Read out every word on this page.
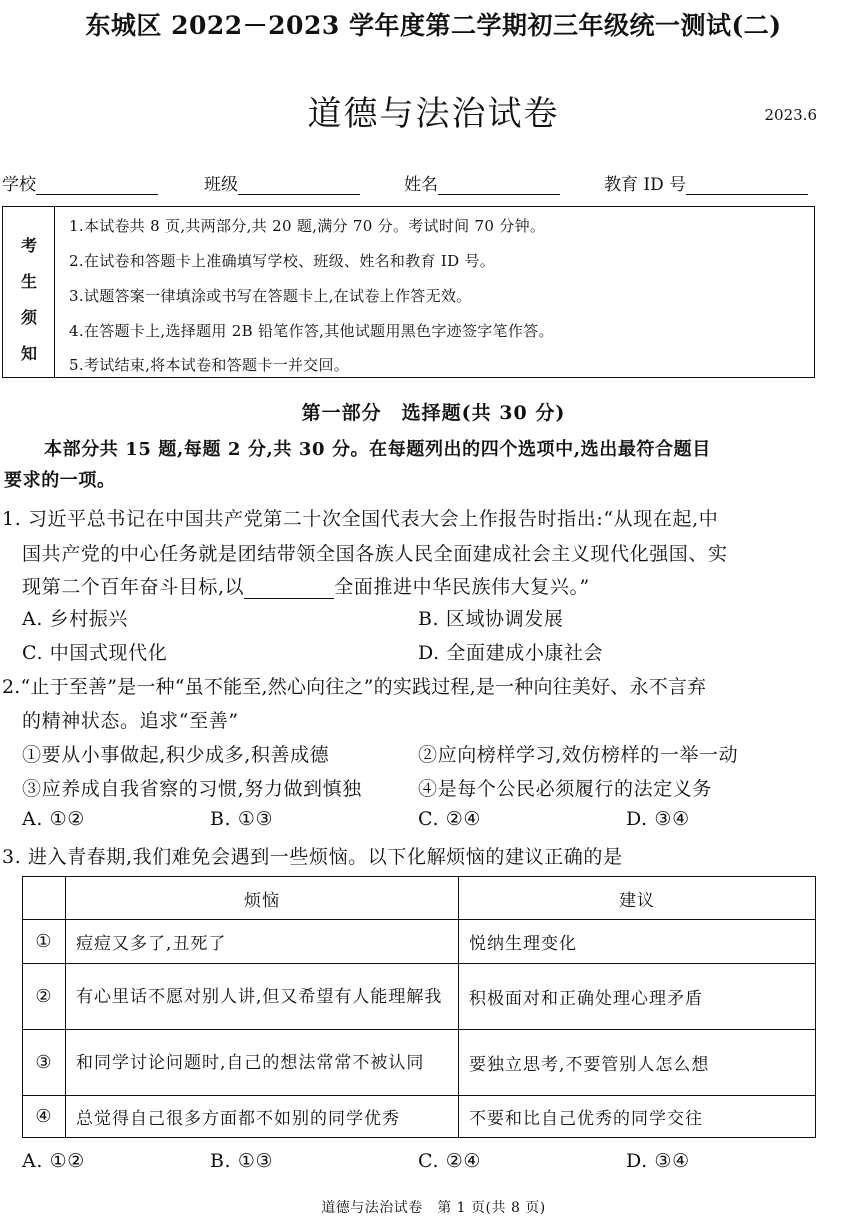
东城区 2022－2023 学年度第二学期初三年级统一测试(二)
道德与法治试卷	2023.6
学校	班级	姓名	教育 ID 号
考
生
须
知
1.本试卷共 8 页,共两部分,共 20 题,满分 70 分。考试时间 70 分钟。
2.在试卷和答题卡上准确填写学校、班级、姓名和教育 ID 号。
3.试题答案一律填涂或书写在答题卡上,在试卷上作答无效。
4.在答题卡上,选择题用 2B 铅笔作答,其他试题用黑色字迹签字笔作答。
5.考试结束,将本试卷和答题卡一并交回。
第一部分　选择题(共 30 分)
本部分共 15 题,每题 2 分,共 30 分。在每题列出的四个选项中,选出最符合题目
要求的一项。
1. 习近平总书记在中国共产党第二十次全国代表大会上作报告时指出:“从现在起,中
国共产党的中心任务就是团结带领全国各族人民全面建成社会主义现代化强国、实
现第二个百年奋斗目标,以	全面推进中华民族伟大复兴。”
A. 乡村振兴	B. 区域协调发展
C. 中国式现代化	D. 全面建成小康社会
2.“止于至善”是一种“虽不能至,然心向往之”的实践过程,是一种向往美好、永不言弃
的精神状态。追求“至善”
①要从小事做起,积少成多,积善成德	②应向榜样学习,效仿榜样的一举一动
③应养成自我省察的习惯,努力做到慎独	④是每个公民必须履行的法定义务
A. ①②	B. ①③	C. ②④	D. ③④
3. 进入青春期,我们难免会遇到一些烦恼。以下化解烦恼的建议正确的是
	烦恼	建议
①	痘痘又多了,丑死了	悦纳生理变化
②	有心里话不愿对别人讲,但又希望有人能理解我	积极面对和正确处理心理矛盾
③	和同学讨论问题时,自己的想法常常不被认同	要独立思考,不要管别人怎么想
④	总觉得自己很多方面都不如别的同学优秀	不要和比自己优秀的同学交往
A. ①②	B. ①③	C. ②④	D. ③④
道德与法治试卷　第 1 页(共 8 页)
